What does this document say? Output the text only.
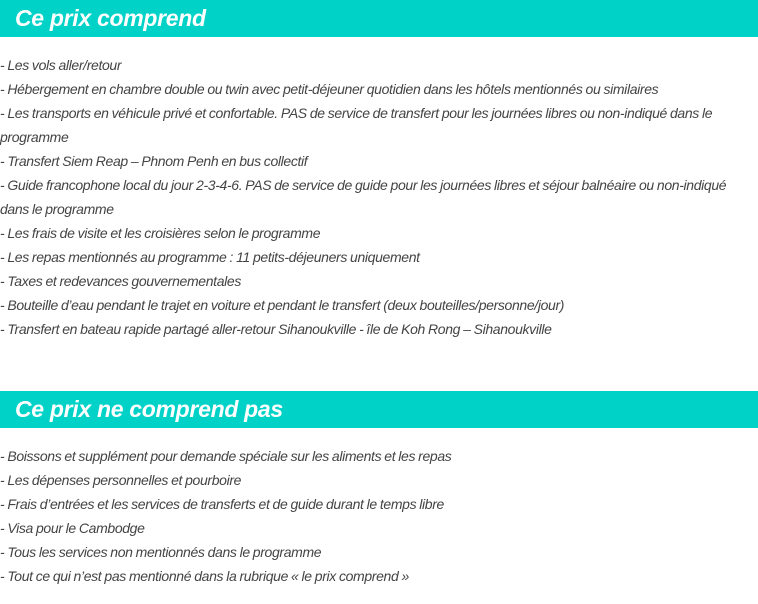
Ce prix comprend
- Les vols aller/retour
- Hébergement en chambre double ou twin avec petit-déjeuner quotidien dans les hôtels mentionnés ou similaires
- Les transports en véhicule privé et confortable. PAS de service de transfert pour les journées libres ou non-indiqué dans le programme
- Transfert Siem Reap – Phnom Penh en bus collectif
- Guide francophone local du jour 2-3-4-6. PAS de service de guide pour les journées libres et séjour balnéaire ou non-indiqué dans le programme
- Les frais de visite et les croisières selon le programme
- Les repas mentionnés au programme : 11 petits-déjeuners uniquement
- Taxes et redevances gouvernementales
- Bouteille d’eau pendant le trajet en voiture et pendant le transfert (deux bouteilles/personne/jour)
- Transfert en bateau rapide partagé aller-retour Sihanoukville - île de Koh Rong – Sihanoukville
Ce prix ne comprend pas
- Boissons et supplément pour demande spéciale sur les aliments et les repas
- Les dépenses personnelles et pourboire
- Frais d’entrées et les services de transferts et de guide durant le temps libre
- Visa pour le Cambodge
- Tous les services non mentionnés dans le programme
- Tout ce qui n’est pas mentionné dans la rubrique « le prix comprend »
